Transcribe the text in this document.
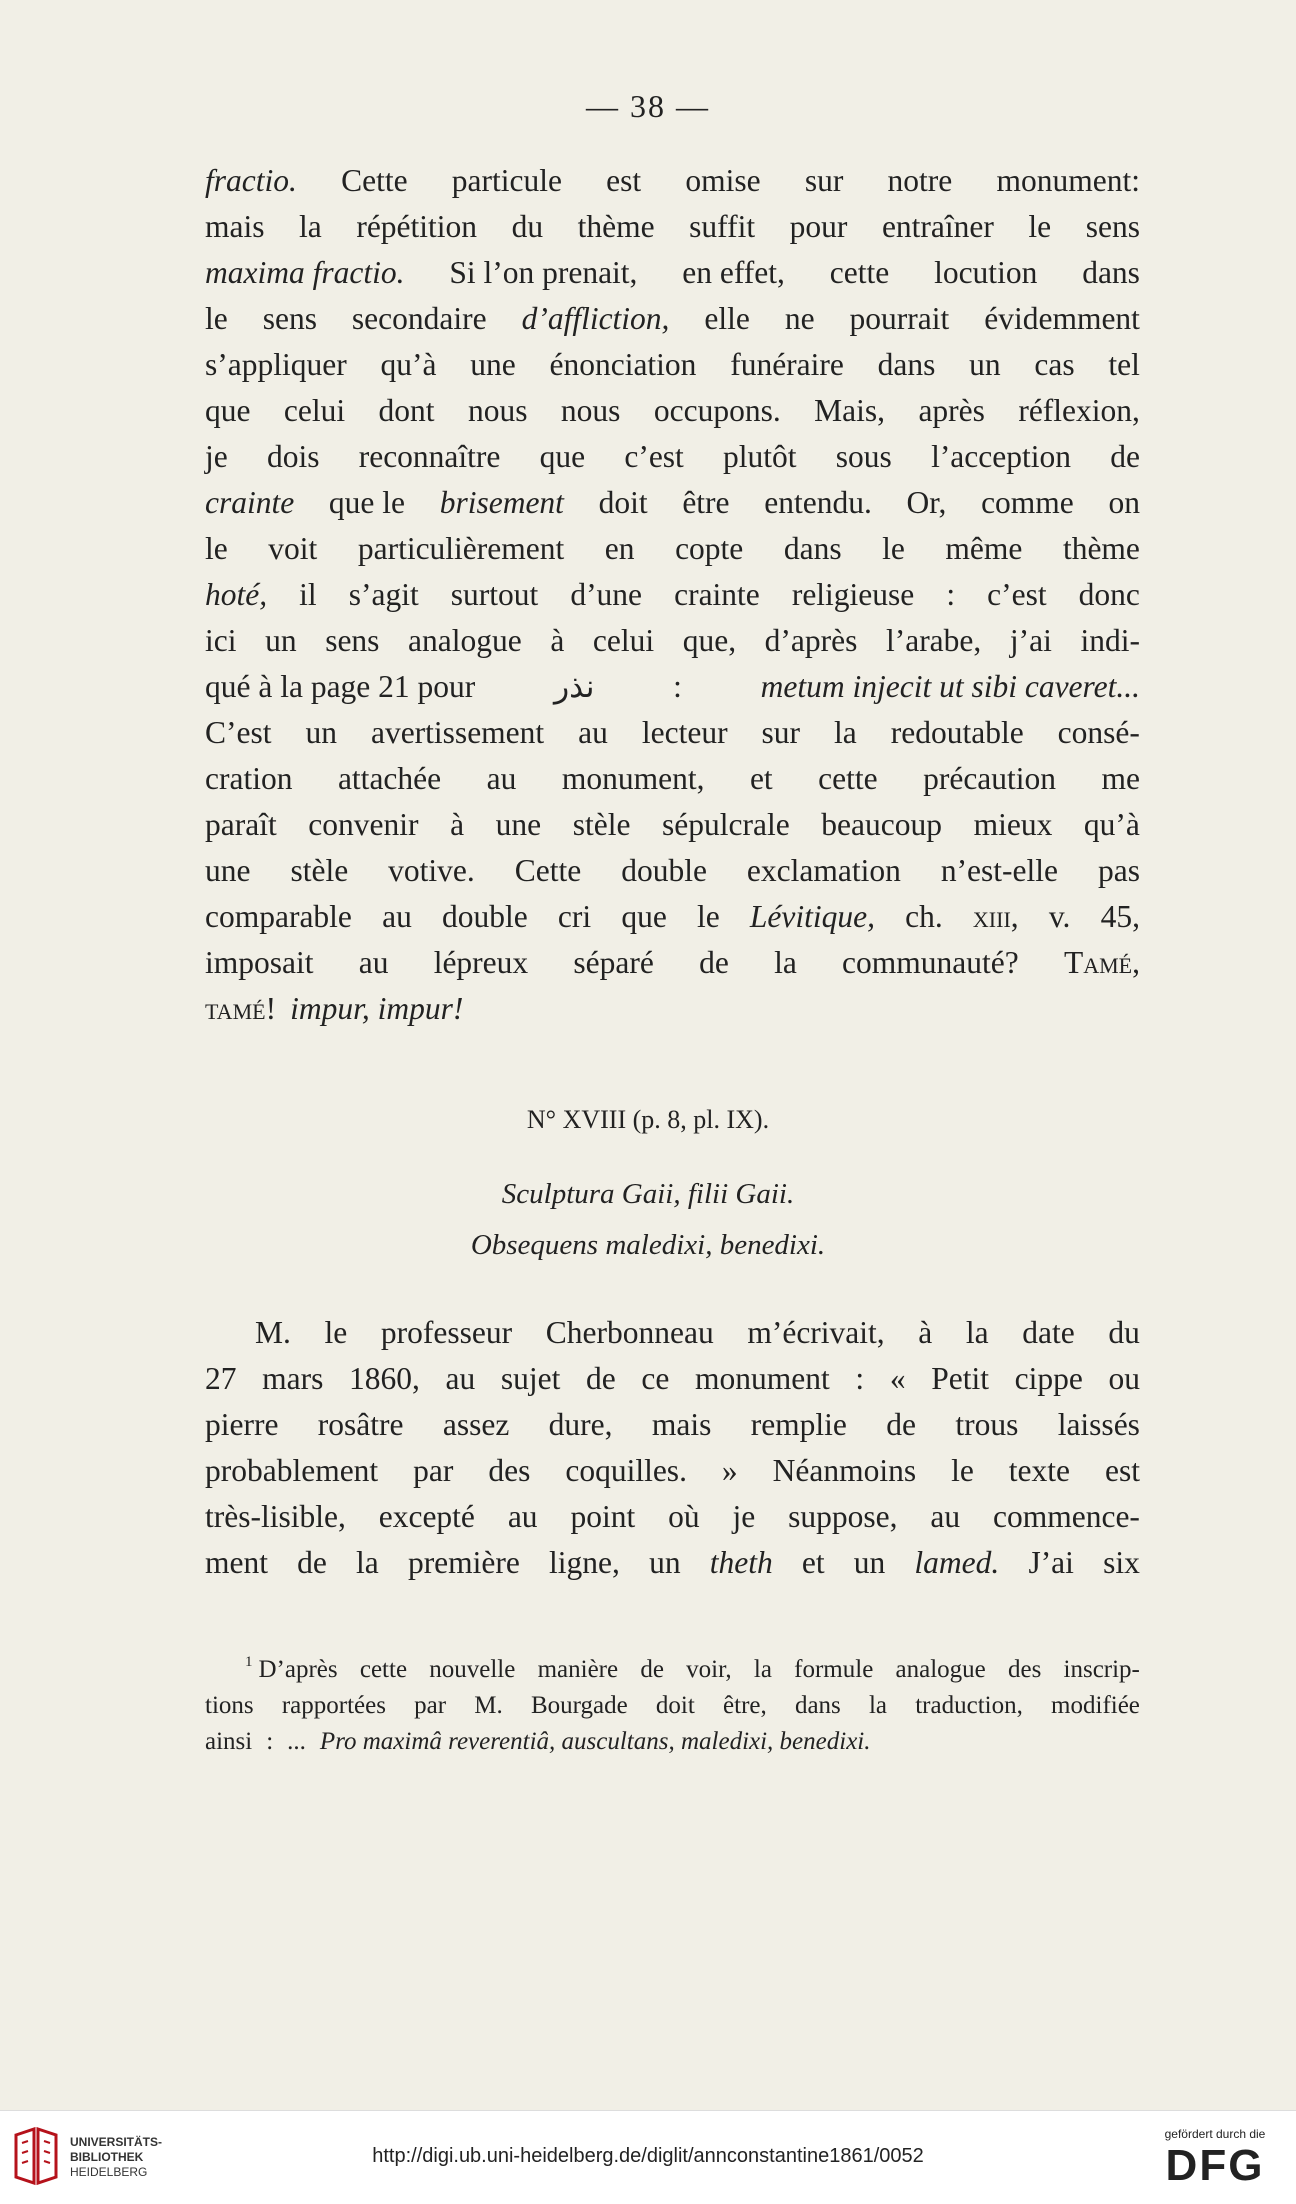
— 38 —
fractio. Cette particule est omise sur notre monument:
mais la répétition du thème suffit pour entraîner le sens
maxima fractio. Si l’on prenait, en effet, cette locution dans
le sens secondaire d’affliction, elle ne pourrait évidemment
s’appliquer qu’à une énonciation funéraire dans un cas tel
que celui dont nous nous occupons. Mais, après réflexion,
je dois reconnaître que c’est plutôt sous l’acception de
crainte que le brisement doit être entendu. Or, comme on
le voit particulièrement en copte dans le même thème
hoté, il s’agit surtout d’une crainte religieuse : c’est donc
ici un sens analogue à celui que, d’après l’arabe, j’ai indi-
qué à la page 21 pour نذر : metum injecit ut sibi caveret...
C’est un avertissement au lecteur sur la redoutable consé-
cration attachée au monument, et cette précaution me
paraît convenir à une stèle sépulcrale beaucoup mieux qu’à
une stèle votive. Cette double exclamation n’est-elle pas
comparable au double cri que le Lévitique, ch. xiii, v. 45,
imposait au lépreux séparé de la communauté? Tamé,
tamé! impur, impur!
N° XVIII (p. 8, pl. IX).
Sculptura Gaii, filii Gaii.
Obsequens maledixi, benedixi.
M. le professeur Cherbonneau m’écrivait, à la date du
27 mars 1860, au sujet de ce monument : « Petit cippe ou
pierre rosâtre assez dure, mais remplie de trous laissés
probablement par des coquilles. » Néanmoins le texte est
très-lisible, excepté au point où je suppose, au commence-
ment de la première ligne, un theth et un lamed. J’ai six
1 D’après cette nouvelle manière de voir, la formule analogue des inscrip-
tions rapportées par M. Bourgade doit être, dans la traduction, modifiée
ainsi : ... Pro maximâ reverentiâ, auscultans, maledixi, benedixi.
UNIVERSITÄTS-
BIBLIOTHEK
HEIDELBERG
http://digi.ub.uni-heidelberg.de/diglit/annconstantine1861/0052
gefördert durch die
DFG
